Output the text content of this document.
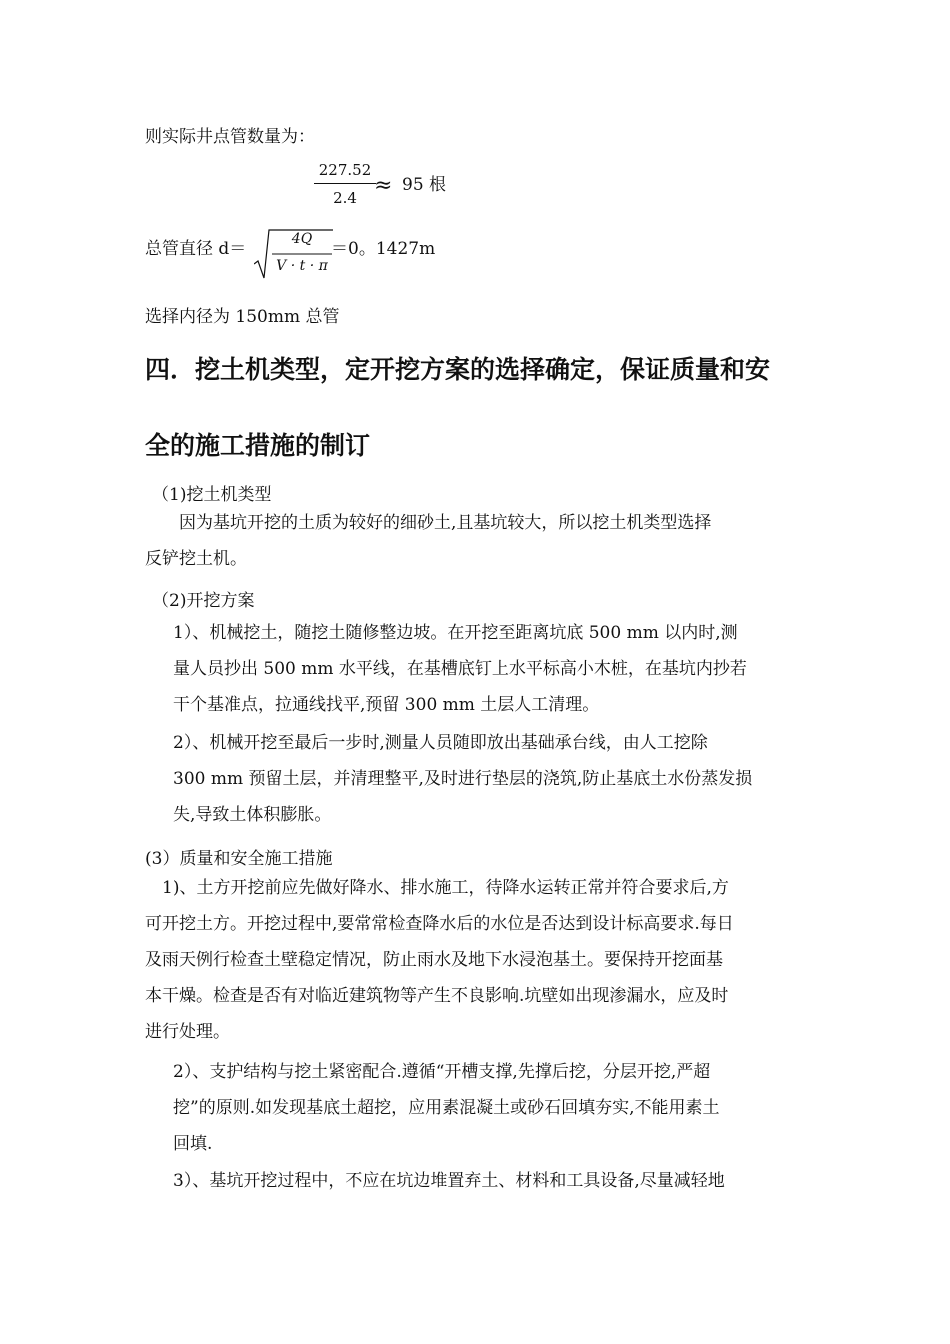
则实际井点管数量为：
227.52
2.4 ≈ 95 根
总管直径 d＝	4Q
V · t · π
＝0。1427m
选择内径为 150mm 总管
四．挖土机类型，定开挖方案的选择确定，保证质量和安
全的施工措施的制订
（1)挖土机类型
　　因为基坑开挖的土质为较好的细砂土,且基坑较大，所以挖土机类型选择
反铲挖土机。
（2)开挖方案
1）、机械挖土，随挖土随修整边坡。在开挖至距离坑底 500 mm 以内时,测
量人员抄出 500 mm 水平线，在基槽底钉上水平标高小木桩，在基坑内抄若
干个基准点，拉通线找平,预留 300 mm 土层人工清理。
2）、机械开挖至最后一步时,测量人员随即放出基础承台线，由人工挖除
300 mm 预留土层，并清理整平,及时进行垫层的浇筑,防止基底土水份蒸发损
失,导致土体积膨胀。
(3）质量和安全施工措施
　1)、土方开挖前应先做好降水、排水施工，待降水运转正常并符合要求后,方
可开挖土方。开挖过程中,要常常检查降水后的水位是否达到设计标高要求.每日
及雨天例行检查土壁稳定情况，防止雨水及地下水浸泡基土。要保持开挖面基
本干燥。检查是否有对临近建筑物等产生不良影响.坑壁如出现渗漏水，应及时
进行处理。
2）、支护结构与挖土紧密配合.遵循“开槽支撑,先撑后挖，分层开挖,严超
挖”的原则.如发现基底土超挖，应用素混凝土或砂石回填夯实,不能用素土
回填.
3）、基坑开挖过程中，不应在坑边堆置弃土、材料和工具设备,尽量减轻地
